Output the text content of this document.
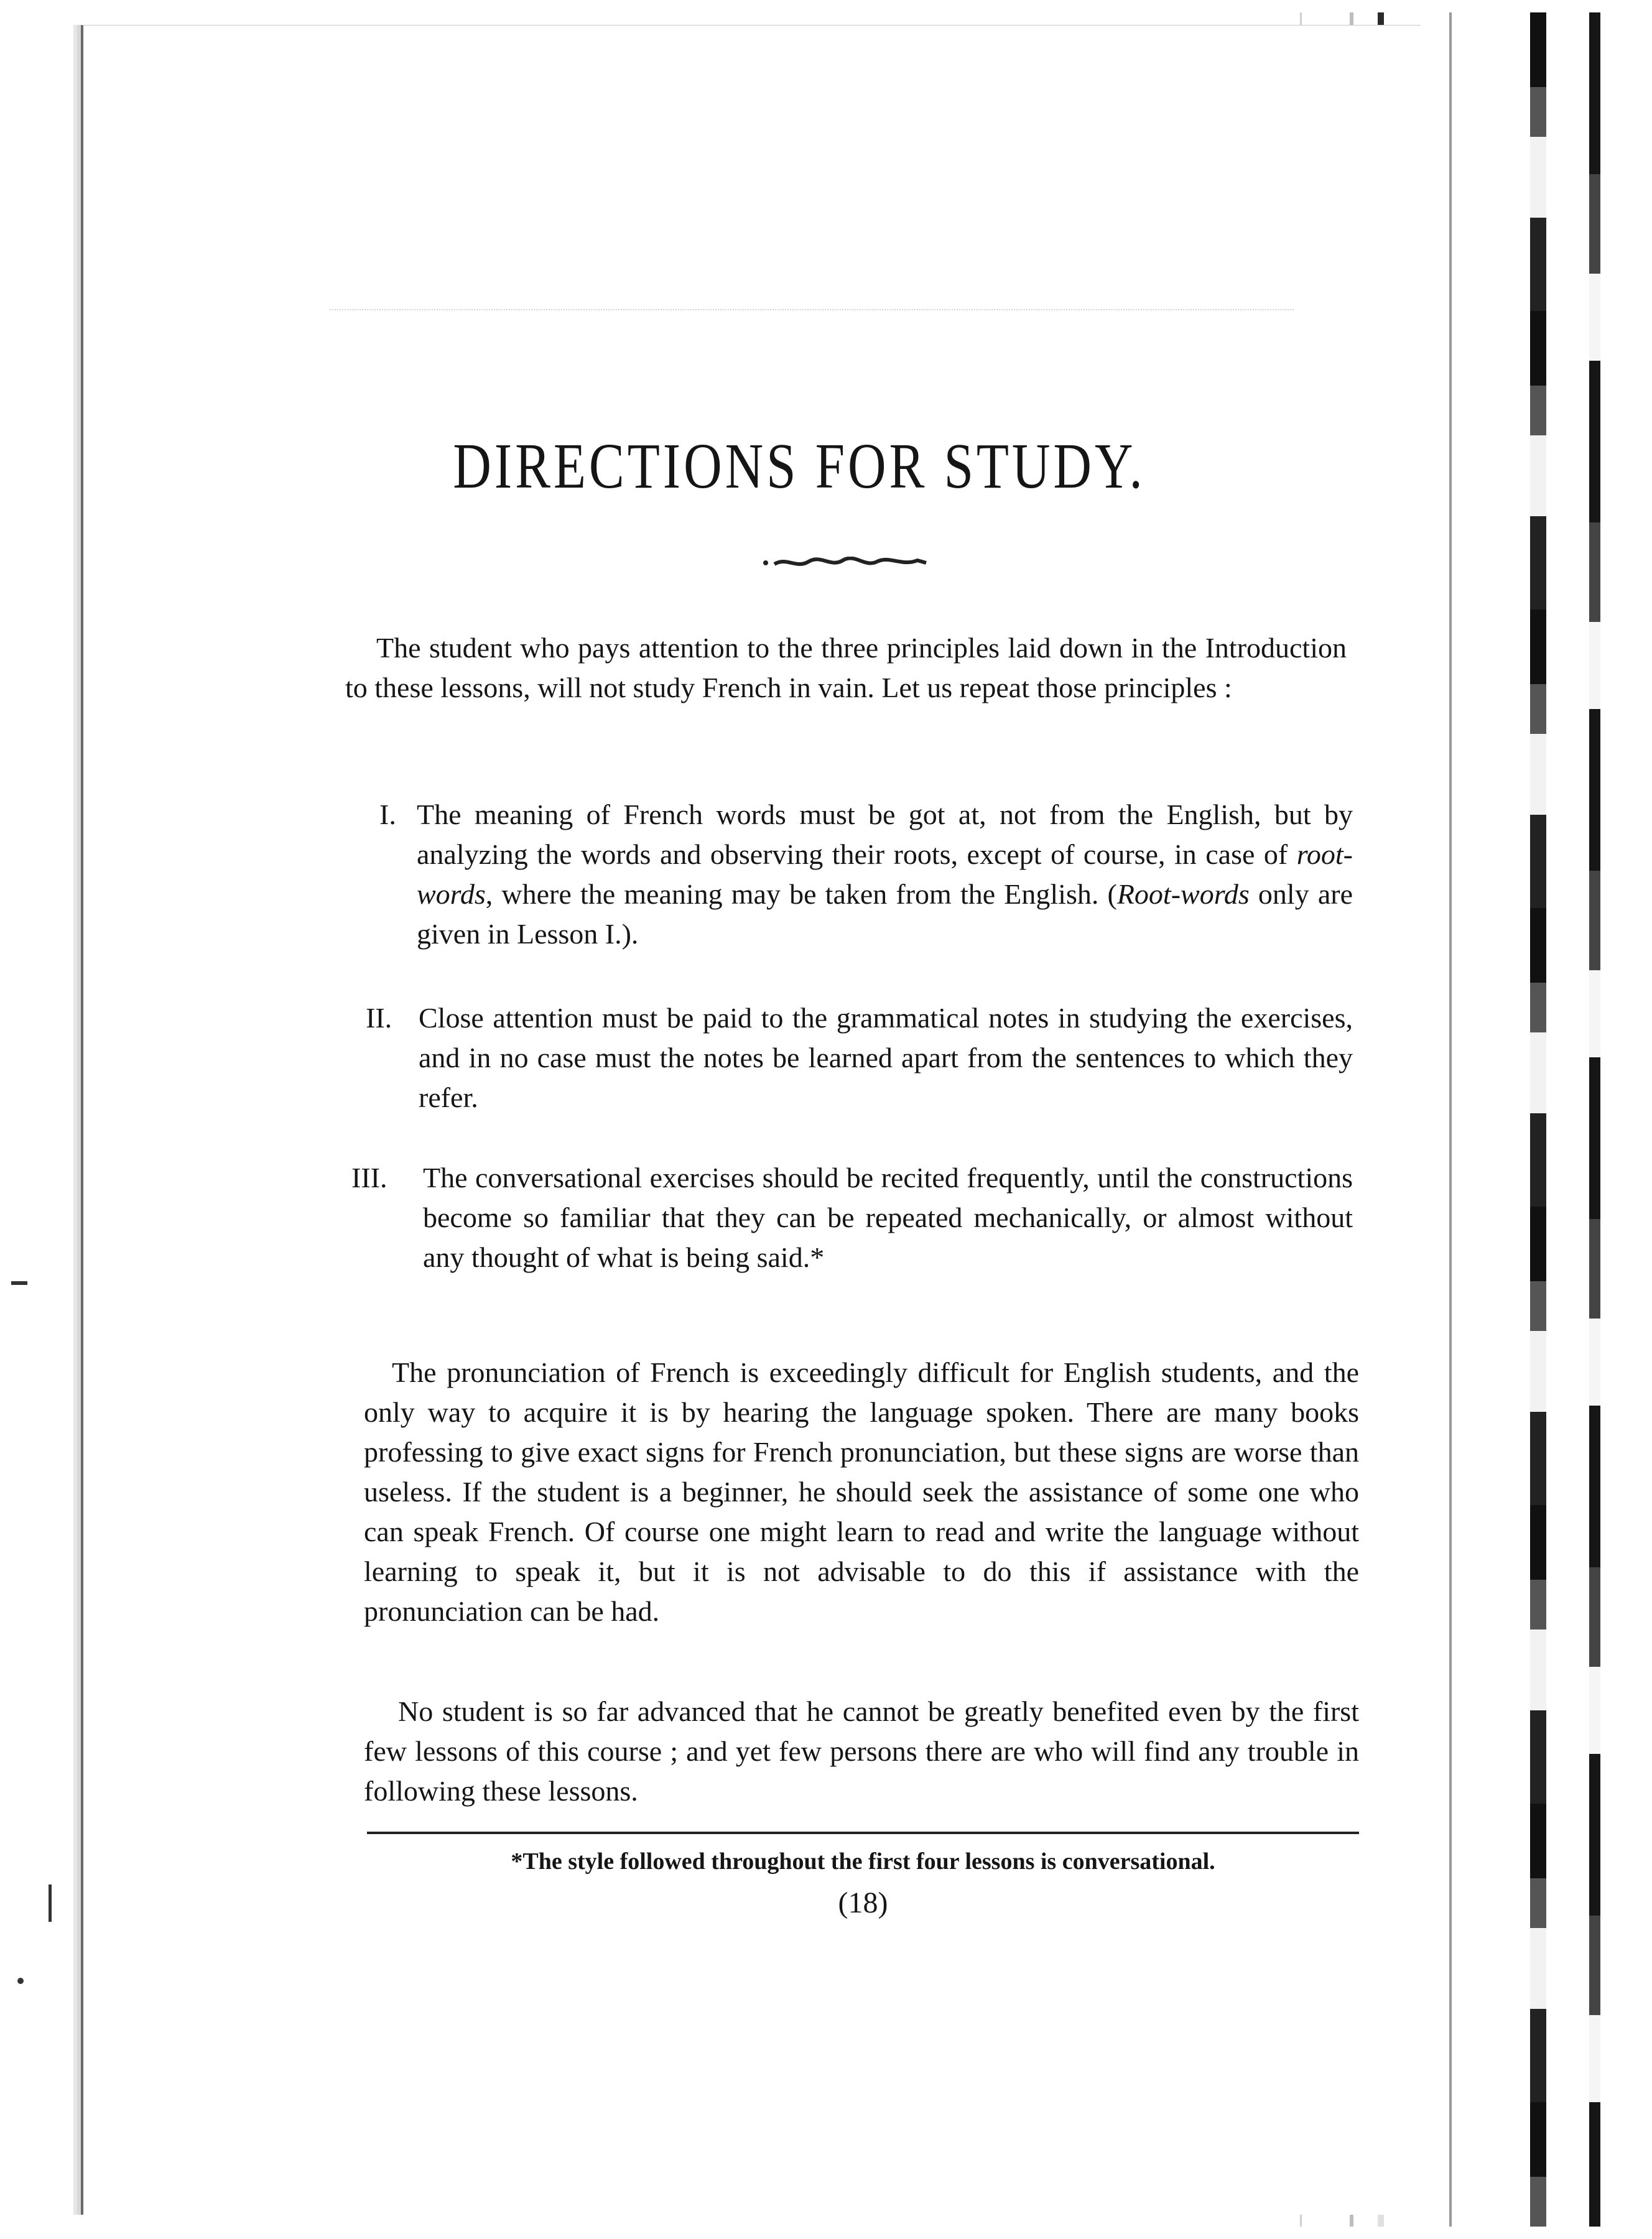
DIRECTIONS FOR STUDY.

The student who pays attention to the three principles laid down in the Introduction to these lessons, will not study French in vain. Let us repeat those principles :

I. The meaning of French words must be got at, not from the English, but by analyzing the words and observing their roots, except of course, in case of root-words, where the meaning may be taken from the English. (Root-words only are given in Lesson I.).
II. Close attention must be paid to the grammatical notes in studying the exercises, and in no case must the notes be learned apart from the sentences to which they refer.
III. The conversational exercises should be recited frequently, until the constructions become so familiar that they can be repeated mechanically, or almost without any thought of what is being said.*

The pronunciation of French is exceedingly difficult for English students, and the only way to acquire it is by hearing the language spoken. There are many books professing to give exact signs for French pronunciation, but these signs are worse than useless. If the student is a beginner, he should seek the assistance of some one who can speak French. Of course one might learn to read and write the language without learning to speak it, but it is not advisable to do this if assistance with the pronunciation can be had.

No student is so far advanced that he cannot be greatly benefited even by the first few lessons of this course ; and yet few persons there are who will find any trouble in following these lessons.

*The style followed throughout the first four lessons is conversational.
(18)
